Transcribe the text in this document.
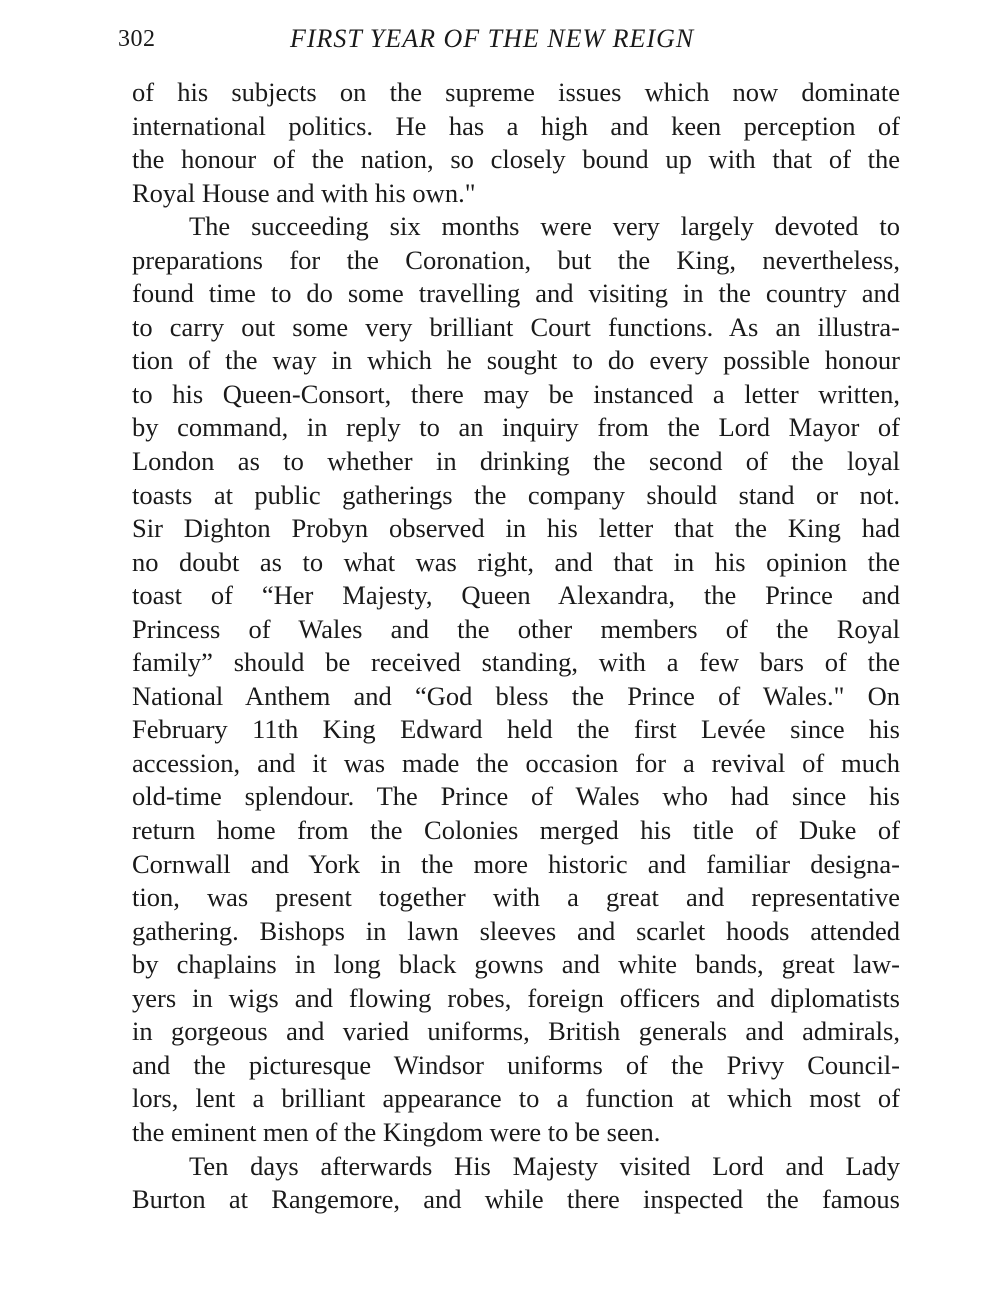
302	FIRST YEAR OF THE NEW REIGN
of his subjects on the supreme issues which now dominate
international politics. He has a high and keen perception of
the honour of the nation, so closely bound up with that of the
Royal House and with his own."
The succeeding six months were very largely devoted to
preparations for the Coronation, but the King, nevertheless,
found time to do some travelling and visiting in the country and
to carry out some very brilliant Court functions. As an illustra-
tion of the way in which he sought to do every possible honour
to his Queen-Consort, there may be instanced a letter written,
by command, in reply to an inquiry from the Lord Mayor of
London as to whether in drinking the second of the loyal
toasts at public gatherings the company should stand or not.
Sir Dighton Probyn observed in his letter that the King had
no doubt as to what was right, and that in his opinion the
toast of “Her Majesty, Queen Alexandra, the Prince and
Princess of Wales and the other members of the Royal
family” should be received standing, with a few bars of the
National Anthem and “God bless the Prince of Wales." On
February 11th King Edward held the first Levée since his
accession, and it was made the occasion for a revival of much
old-time splendour. The Prince of Wales who had since his
return home from the Colonies merged his title of Duke of
Cornwall and York in the more historic and familiar designa-
tion, was present together with a great and representative
gathering. Bishops in lawn sleeves and scarlet hoods attended
by chaplains in long black gowns and white bands, great law-
yers in wigs and flowing robes, foreign officers and diplomatists
in gorgeous and varied uniforms, British generals and admirals,
and the picturesque Windsor uniforms of the Privy Council-
lors, lent a brilliant appearance to a function at which most of
the eminent men of the Kingdom were to be seen.
Ten days afterwards His Majesty visited Lord and Lady
Burton at Rangemore, and while there inspected the famous
